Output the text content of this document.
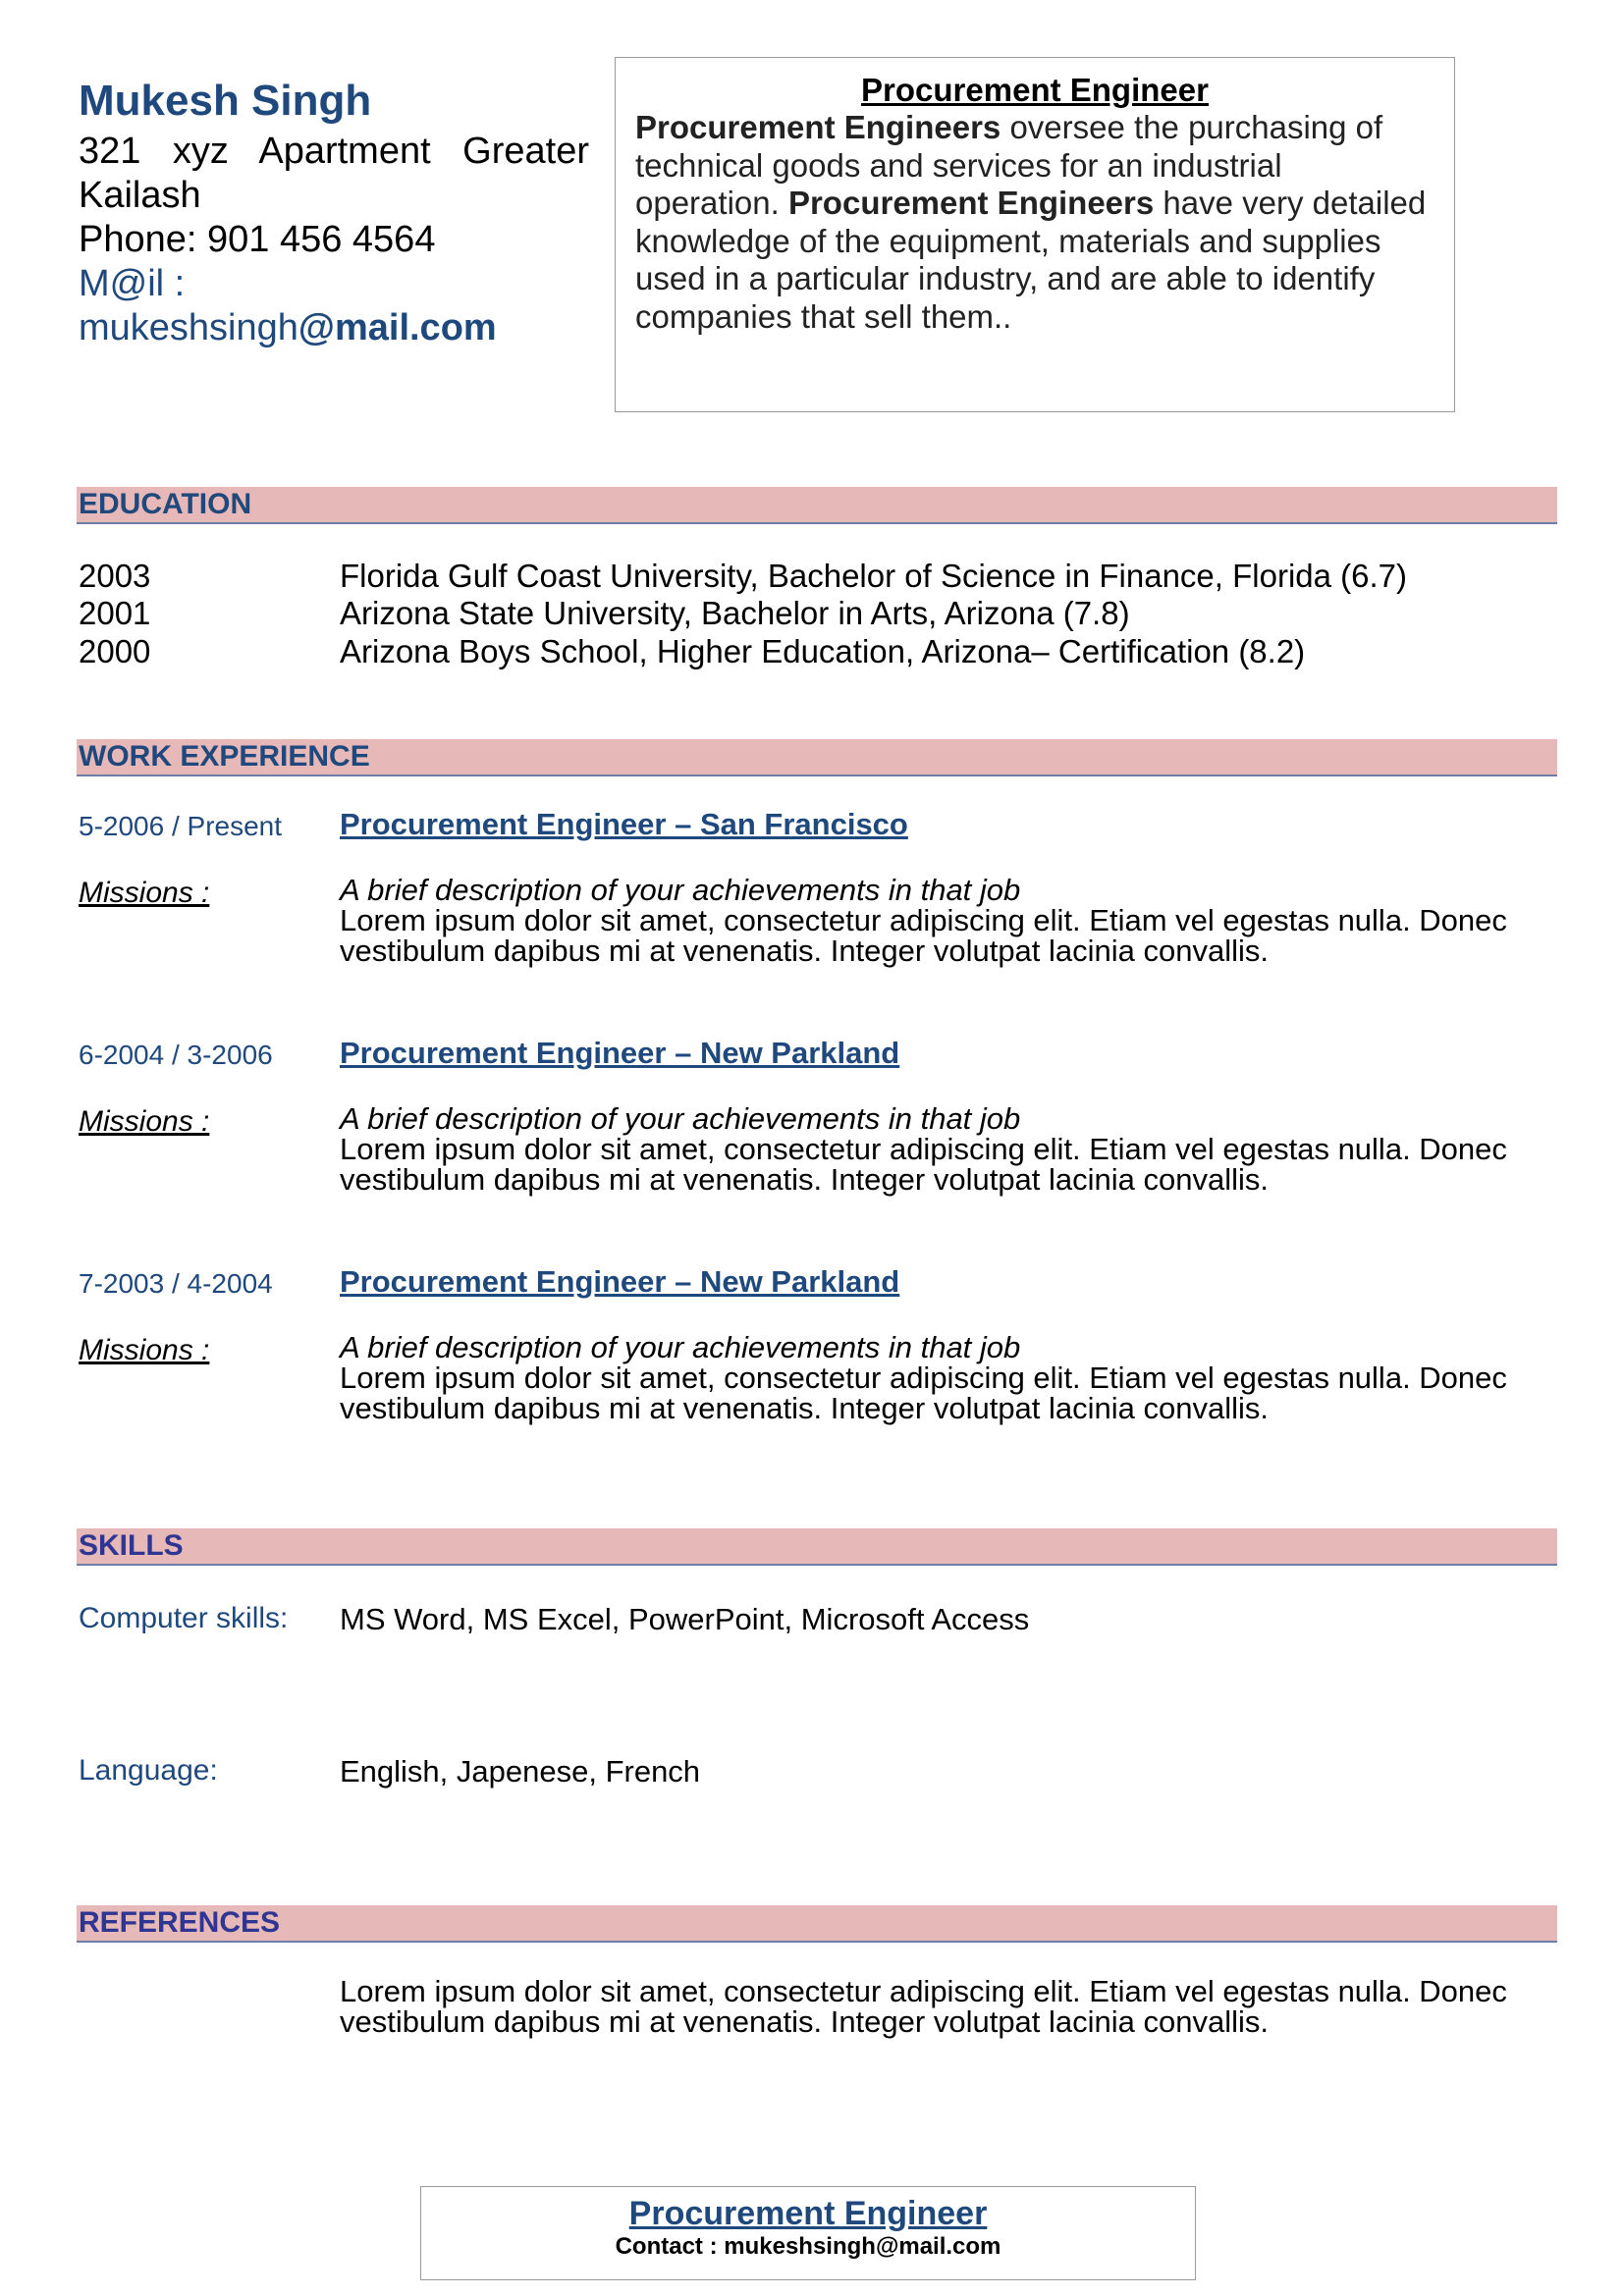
Mukesh Singh
321 xyz Apartment Greater
Kailash
Phone: 901 456 4564
M@il :
mukeshsingh@mail.com
Procurement Engineer
Procurement Engineers oversee the purchasing of technical goods and services for an industrial operation. Procurement Engineers have very detailed knowledge of the equipment, materials and supplies used in a particular industry, and are able to identify companies that sell them..
EDUCATION
2003	Florida Gulf Coast University, Bachelor of Science in Finance, Florida (6.7)
2001	Arizona State University, Bachelor in Arts, Arizona (7.8)
2000	Arizona Boys School, Higher Education, Arizona– Certification (8.2)
WORK EXPERIENCE
5-2006 / Present Procurement Engineer – San Francisco
Missions :	A brief description of your achievements in that job
Lorem ipsum dolor sit amet, consectetur adipiscing elit. Etiam vel egestas nulla. Donec vestibulum dapibus mi at venenatis. Integer volutpat lacinia convallis.
6-2004 / 3-2006 Procurement Engineer – New Parkland
Missions :	A brief description of your achievements in that job
Lorem ipsum dolor sit amet, consectetur adipiscing elit. Etiam vel egestas nulla. Donec vestibulum dapibus mi at venenatis. Integer volutpat lacinia convallis.
7-2003 / 4-2004 Procurement Engineer – New Parkland
Missions :	A brief description of your achievements in that job
Lorem ipsum dolor sit amet, consectetur adipiscing elit. Etiam vel egestas nulla. Donec vestibulum dapibus mi at venenatis. Integer volutpat lacinia convallis.
SKILLS
Computer skills: MS Word, MS Excel, PowerPoint, Microsoft Access
Language:	English, Japenese, French
REFERENCES
Lorem ipsum dolor sit amet, consectetur adipiscing elit. Etiam vel egestas nulla. Donec vestibulum dapibus mi at venenatis. Integer volutpat lacinia convallis.
Procurement Engineer
Contact : mukeshsingh@mail.com
